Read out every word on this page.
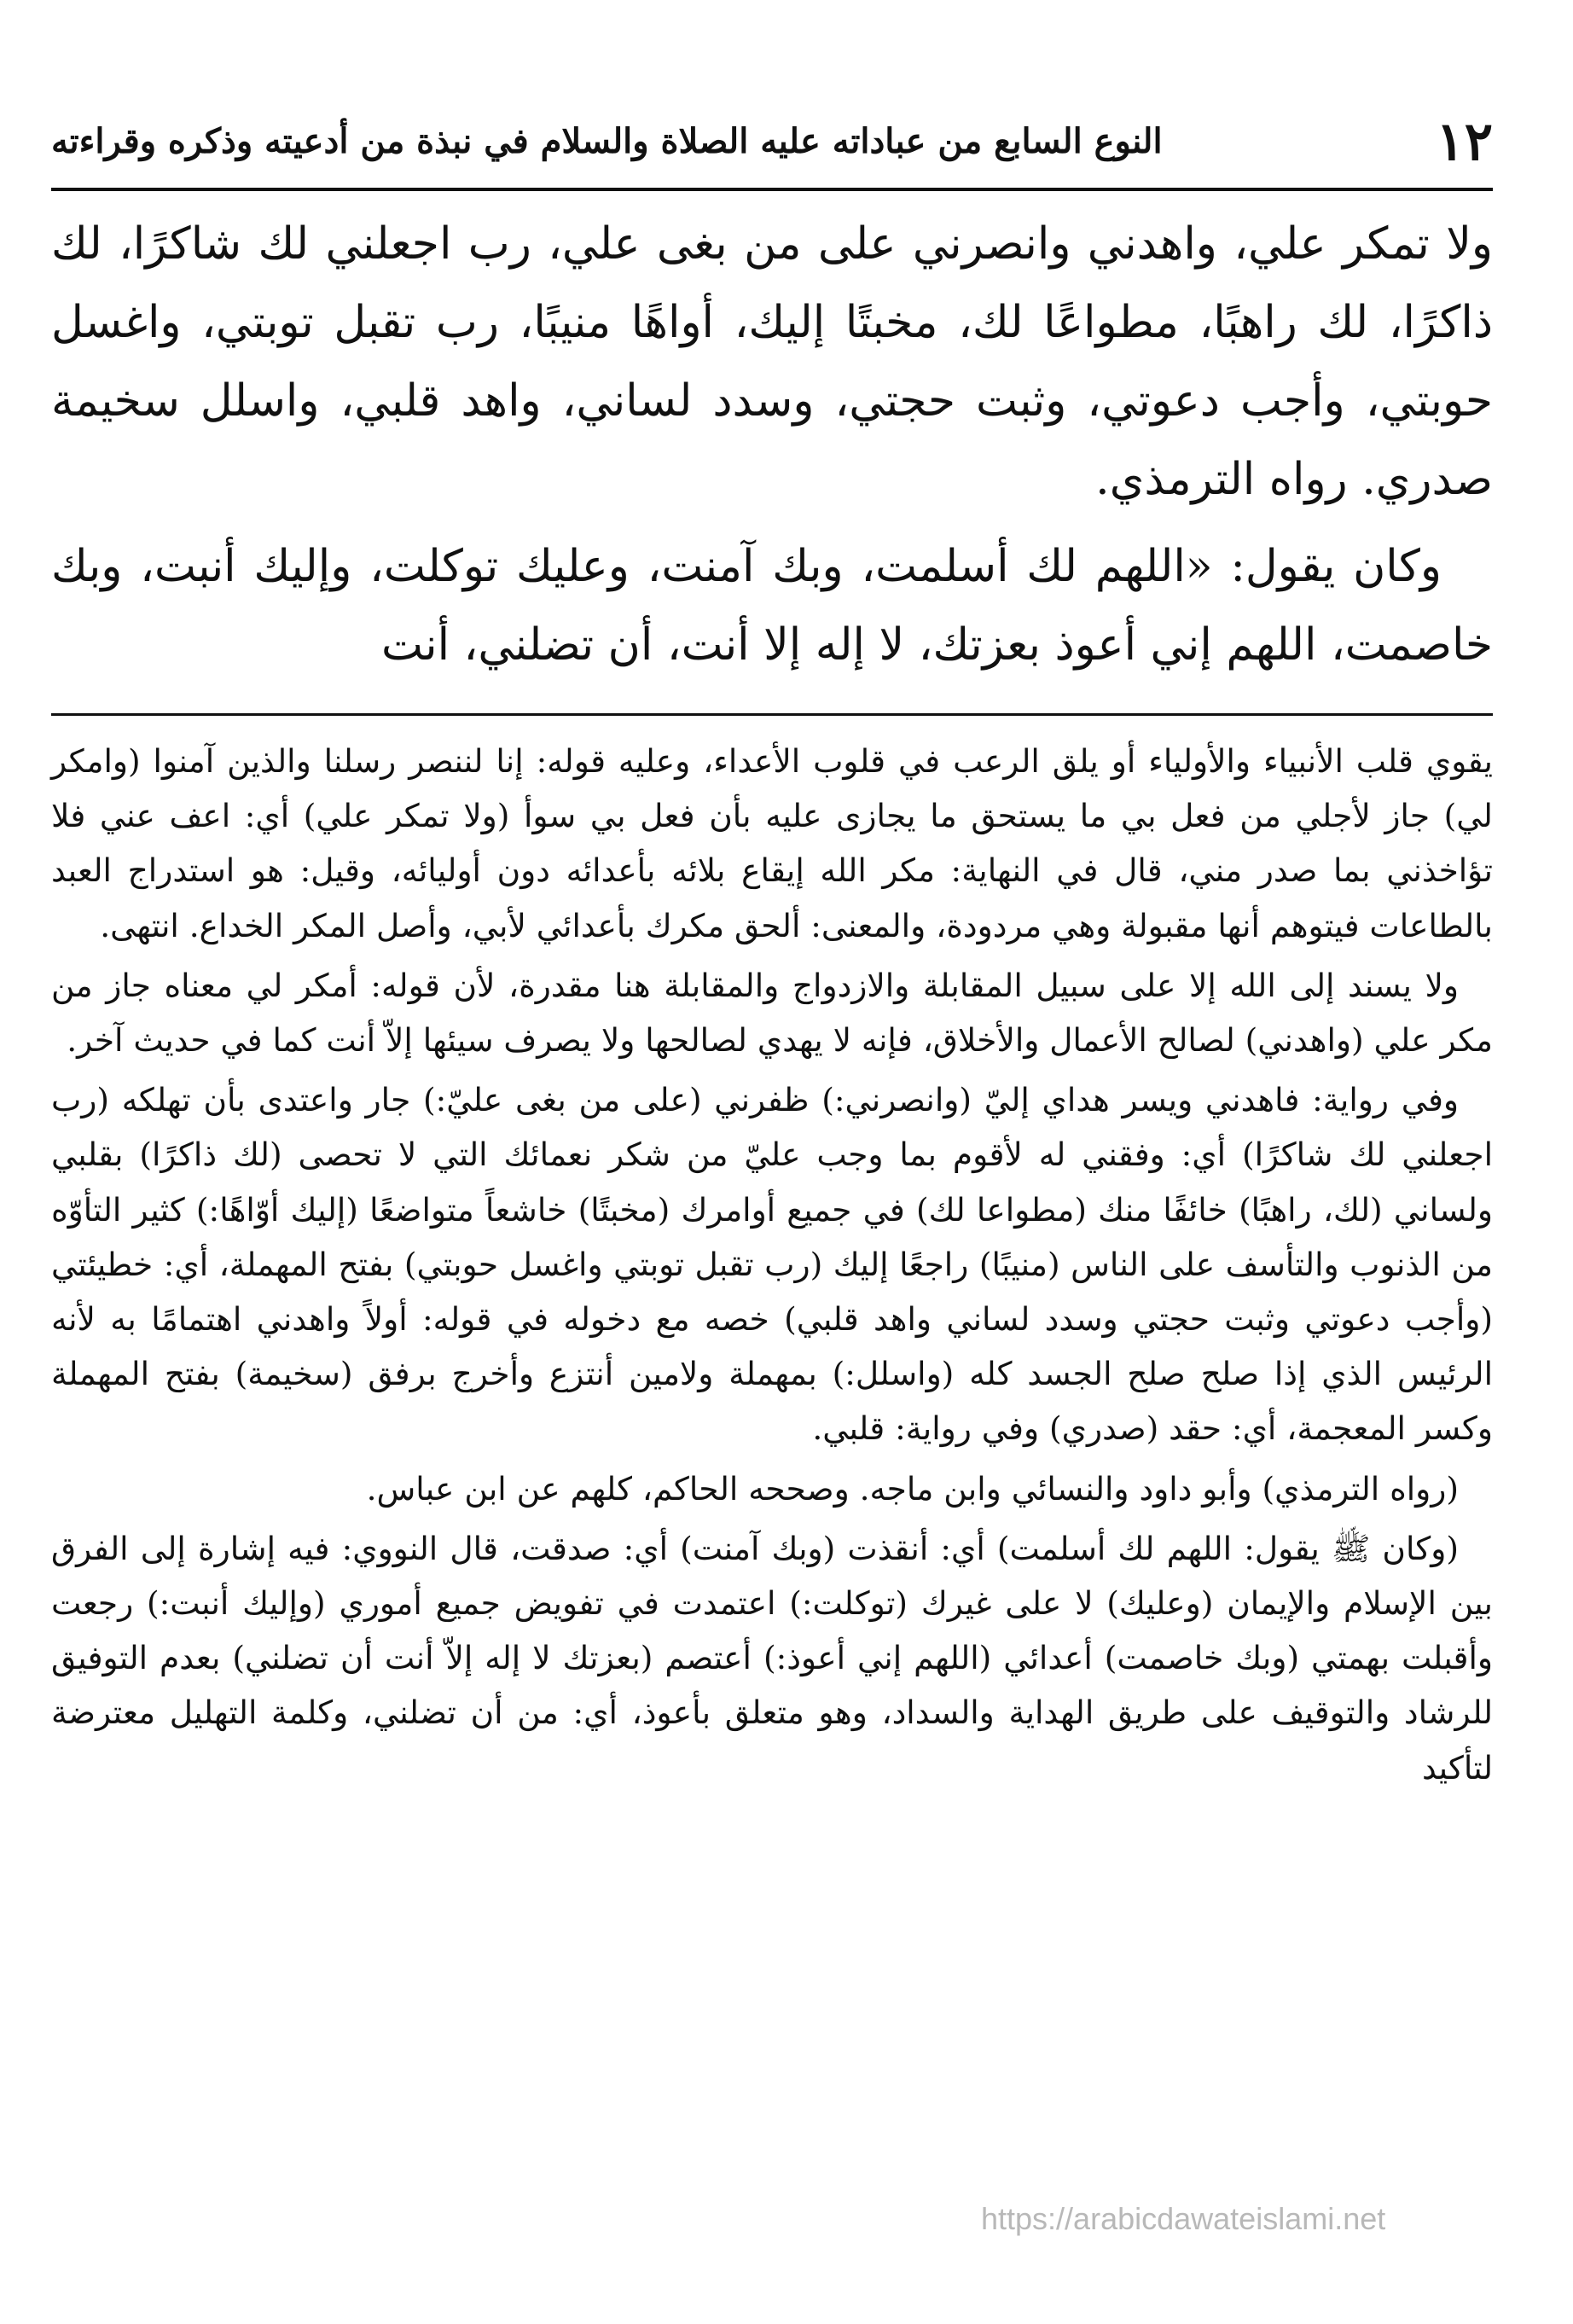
١٢
النوع السابع من عباداته عليه الصلاة والسلام في نبذة من أدعيته وذكره وقراءته

ولا تمكر علي، واهدني وانصرني على من بغى علي، رب اجعلني لك شاكرًا، لك ذاكرًا، لك راهبًا، مطواعًا لك، مخبتًا إليك، أواهًا منيبًا، رب تقبل توبتي، واغسل حوبتي، وأجب دعوتي، وثبت حجتي، وسدد لساني، واهد قلبي، واسلل سخيمة صدري. رواه الترمذي.

وكان يقول: «اللهم لك أسلمت، وبك آمنت، وعليك توكلت، وإليك أنبت، وبك خاصمت، اللهم إني أعوذ بعزتك، لا إله إلا أنت، أن تضلني، أنت

يقوي قلب الأنبياء والأولياء أو يلق الرعب في قلوب الأعداء، وعليه قوله: إنا لننصر رسلنا والذين آمنوا (وامكر لي) جاز لأجلي من فعل بي ما يستحق ما يجازى عليه بأن فعل بي سوأ (ولا تمكر علي) أي: اعف عني فلا تؤاخذني بما صدر مني، قال في النهاية: مكر الله إيقاع بلائه بأعدائه دون أوليائه، وقيل: هو استدراج العبد بالطاعات فيتوهم أنها مقبولة وهي مردودة، والمعنى: ألحق مكرك بأعدائي لأبي، وأصل المكر الخداع. انتهى.

ولا يسند إلى الله إلا على سبيل المقابلة والازدواج والمقابلة هنا مقدرة، لأن قوله: أمكر لي معناه جاز من مكر علي (واهدني) لصالح الأعمال والأخلاق، فإنه لا يهدي لصالحها ولا يصرف سيئها إلاّ أنت كما في حديث آخر.

وفي رواية: فاهدني ويسر هداي إليّ (وانصرني:) ظفرني (على من بغى عليّ:) جار واعتدى بأن تهلكه (رب اجعلني لك شاكرًا) أي: وفقني له لأقوم بما وجب عليّ من شكر نعمائك التي لا تحصى (لك ذاكرًا) بقلبي ولساني (لك، راهبًا) خائفًا منك (مطواعا لك) في جميع أوامرك (مخبتًا) خاشعاً متواضعًا (إليك أوّاهًا:) كثير التأوّه من الذنوب والتأسف على الناس (منيبًا) راجعًا إليك (رب تقبل توبتي واغسل حوبتي) بفتح المهملة، أي: خطيئتي (وأجب دعوتي وثبت حجتي وسدد لساني واهد قلبي) خصه مع دخوله في قوله: أولاً واهدني اهتمامًا به لأنه الرئيس الذي إذا صلح صلح الجسد كله (واسلل:) بمهملة ولامين أنتزع وأخرج برفق (سخيمة) بفتح المهملة وكسر المعجمة، أي: حقد (صدري) وفي رواية: قلبي.

(رواه الترمذي) وأبو داود والنسائي وابن ماجه. وصححه الحاكم، كلهم عن ابن عباس.

(وكان ﷺ يقول: اللهم لك أسلمت) أي: أنقذت (وبك آمنت) أي: صدقت، قال النووي: فيه إشارة إلى الفرق بين الإسلام والإيمان (وعليك) لا على غيرك (توكلت:) اعتمدت في تفويض جميع أموري (وإليك أنبت:) رجعت وأقبلت بهمتي (وبك خاصمت) أعدائي (اللهم إني أعوذ:) أعتصم (بعزتك لا إله إلاّ أنت أن تضلني) بعدم التوفيق للرشاد والتوقيف على طريق الهداية والسداد، وهو متعلق بأعوذ، أي: من أن تضلني، وكلمة التهليل معترضة لتأكيد

https://arabicdawateislami.net
